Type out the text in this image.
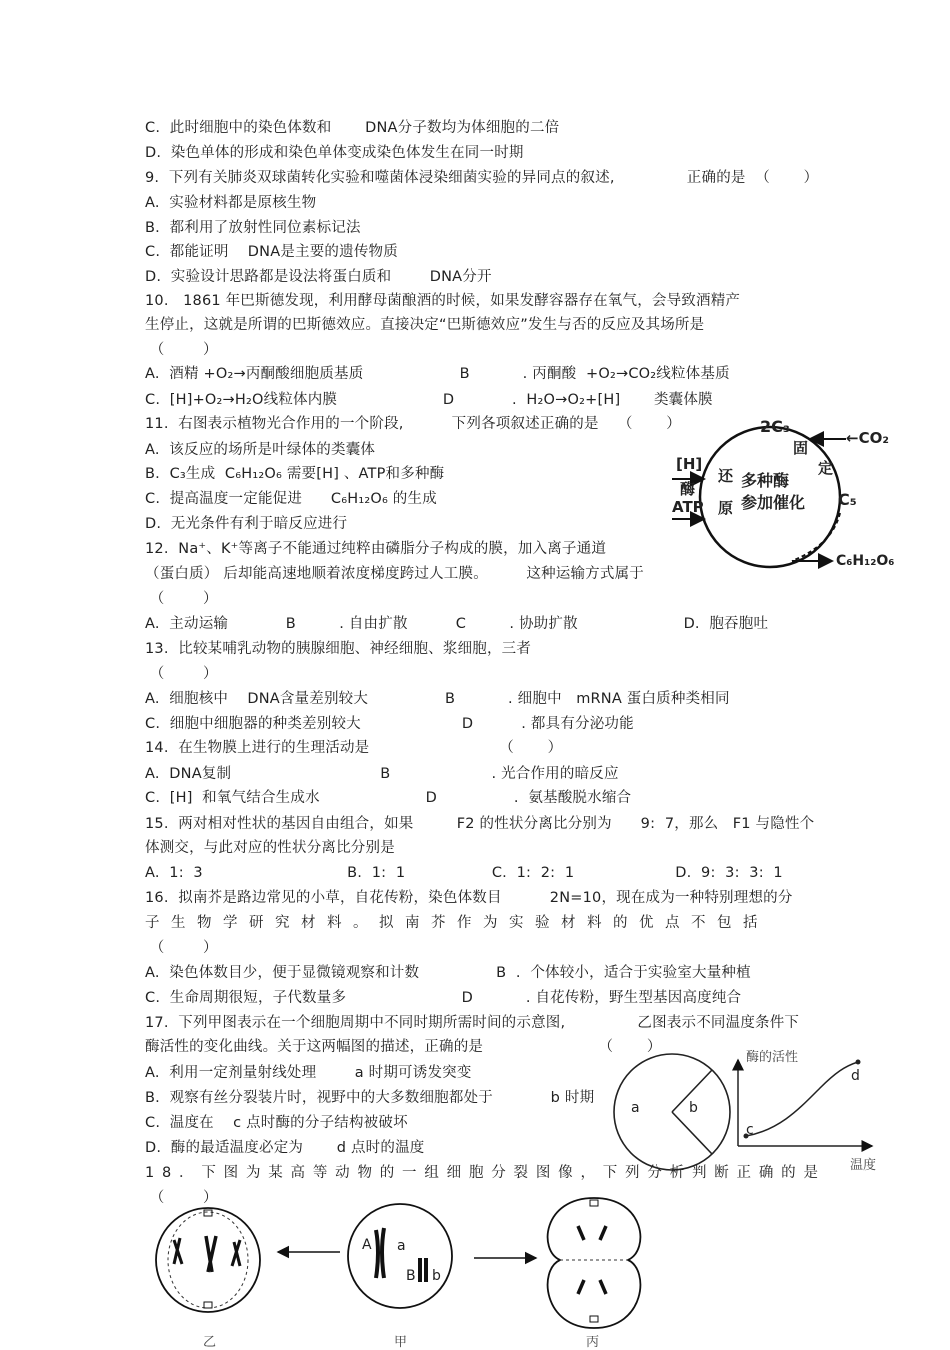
C.  此时细胞中的染色体数和       DNA分子数均为体细胞的二倍
D.  染色单体的形成和染色单体变成染色体发生在同一时期
9.  下列有关肺炎双球菌转化实验和噬菌体浸染细菌实验的异同点的叙述,               正确的是  （       ）
A.  实验材料都是原核生物
B.  都利用了放射性同位素标记法
C.  都能证明    DNA是主要的遗传物质
D.  实验设计思路都是设法将蛋白质和        DNA分开
10.   1861 年巴斯德发现，利用酵母菌酿酒的时候，如果发酵容器存在氧气，会导致酒精产
生停止，这就是所谓的巴斯德效应。直接决定“巴斯德效应”发生与否的反应及其场所是
（        ）
A.  酒精 +O₂→丙酮酸细胞质基质                    B           . 丙酮酸  +O₂→CO₂线粒体基质
C.  [H]+O₂→H₂O线粒体内膜                      D            .  H₂O→O₂+[H]       类囊体膜
11.  右图表示植物光合作用的一个阶段,          下列各项叙述正确的是    （       ）
A.  该反应的场所是叶绿体的类囊体
B.  C₃生成  C₆H₁₂O₆ 需要[H] 、ATP和多种酶
C.  提高温度一定能促进      C₆H₁₂O₆ 的生成
D.  无光条件有利于暗反应进行
12.  Na⁺、K⁺等离子不能通过纯粹由磷脂分子构成的膜，加入离子通道
（蛋白质） 后却能高速地顺着浓度梯度跨过人工膜。        这种运输方式属于
（        ）
A.  主动运输            B         . 自由扩散          C         . 协助扩散                      D.  胞吞胞吐
13.  比较某哺乳动物的胰腺细胞、神经细胞、浆细胞，三者
（        ）
A.  细胞核中    DNA含量差别较大                B           . 细胞中   mRNA 蛋白质种类相同
C.  细胞中细胞器的种类差别较大                     D          . 都具有分泌功能
14.  在生物膜上进行的生理活动是                           （       ）
A.  DNA复制                               B                     . 光合作用的暗反应
C.  [H]  和氧气结合生成水                      D                .  氨基酸脱水缩合
15.  两对相对性状的基因自由组合，如果         F2 的性状分离比分别为      9:  7，那么   F1 与隐性个
体测交，与此对应的性状分离比分别是
A.  1:  3                              B.  1:  1                  C.  1:  2:  1                     D.  9:  3:  3:  1
16.  拟南芥是路边常见的小草，自花传粉，染色体数目          2N=10，现在成为一种特别理想的分
子生物学研究材料。拟南芥作为实验材料的优点不包括
（        ）
A.  染色体数目少，便于显微镜观察和计数                B  .  个体较小，适合于实验室大量种植
C.  生命周期很短，子代数量多                        D           . 自花传粉，野生型基因高度纯合
17.  下列甲图表示在一个细胞周期中不同时期所需时间的示意图,               乙图表示不同温度条件下
酶活性的变化曲线。关于这两幅图的描述，正确的是                        （       ）
A.  利用一定剂量射线处理        a 时期可诱发突变
B.  观察有丝分裂装片时，视野中的大多数细胞都处于            b 时期
C.  温度在    c 点时酶的分子结构被破坏
D.  酶的最适温度必定为       d 点时的温度
18．下图为某高等动物的一组细胞分裂图像，下列分析判断正确的是
（        ）
2C₃
固
定
←CO₂
[H]
酶
ATP
还
原
多种酶
参加催化 C₅
C₆H₁₂O₆
a	b
酶的活性
温度
c
d
A a
B b
乙	甲	丙
